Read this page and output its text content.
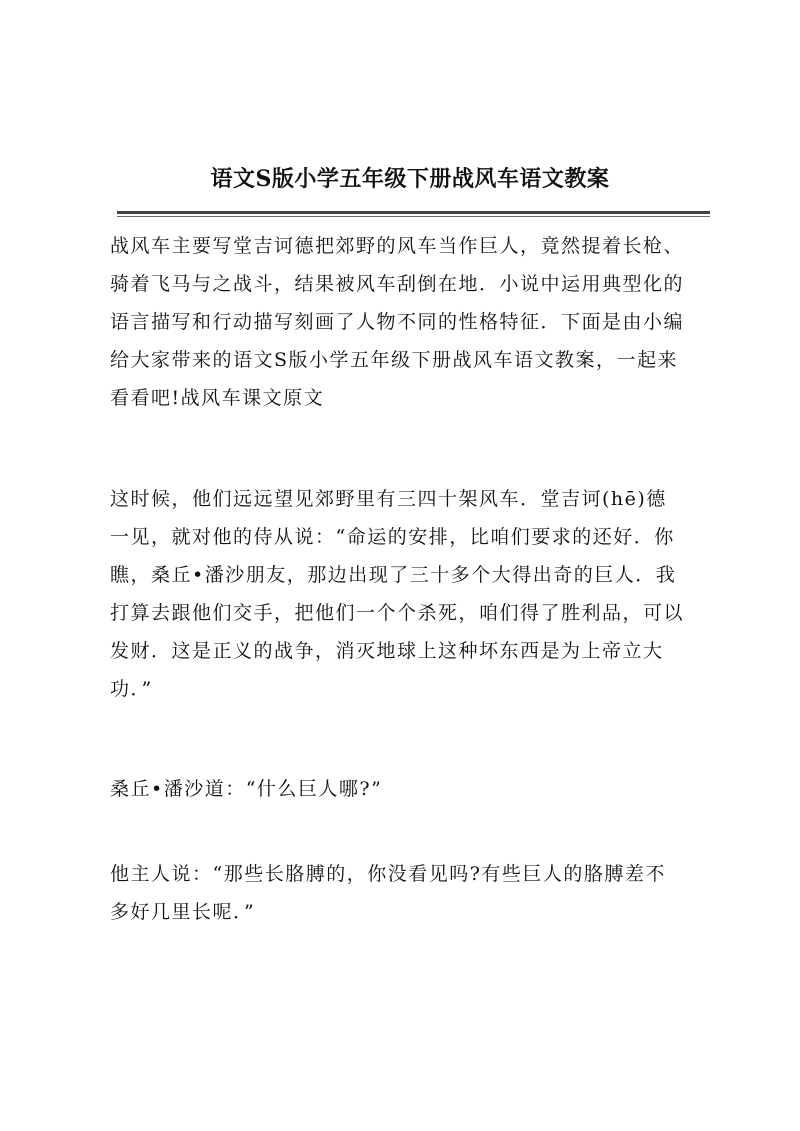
语文S版小学五年级下册战风车语文教案

战风车主要写堂吉诃德把郊野的风车当作巨人，竟然提着长枪、
骑着飞马与之战斗，结果被风车刮倒在地．小说中运用典型化的
语言描写和行动描写刻画了人物不同的性格特征．下面是由小编
给大家带来的语文S版小学五年级下册战风车语文教案，一起来
看看吧!战风车课文原文

这时候，他们远远望见郊野里有三四十架风车．堂吉诃(hē)德
一见，就对他的侍从说：“命运的安排，比咱们要求的还好．你
瞧，桑丘•潘沙朋友，那边出现了三十多个大得出奇的巨人．我
打算去跟他们交手，把他们一个个杀死，咱们得了胜利品，可以
发财．这是正义的战争，消灭地球上这种坏东西是为上帝立大
功．”

桑丘•潘沙道：“什么巨人哪?”

他主人说：“那些长胳膊的，你没看见吗?有些巨人的胳膊差不
多好几里长呢．”
